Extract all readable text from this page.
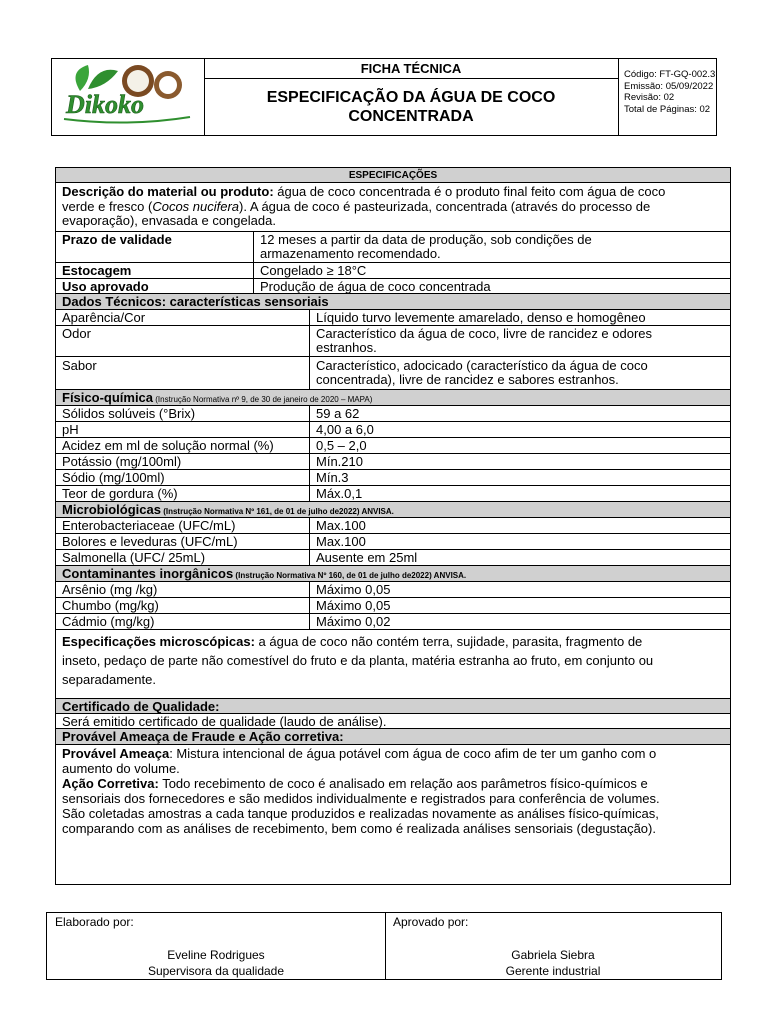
Dikoko
FICHA TÉCNICA
ESPECIFICAÇÃO DA ÁGUA DE COCO CONCENTRADA
Código: FT-GQ-002.3
Emissão: 05/09/2022
Revisão: 02
Total de Páginas: 02
ESPECIFICAÇÕES
Descrição do material ou produto: água de coco concentrada é o produto final feito com água de coco
verde e fresco (Cocos nucifera). A água de coco é pasteurizada, concentrada (através do processo de
evaporação), envasada e congelada.
Prazo de validade	12 meses a partir da data de produção, sob condições de
armazenamento recomendado.
Estocagem	Congelado ≥ 18°C
Uso aprovado	Produção de água de coco concentrada
Dados Técnicos: características sensoriais
Aparência/Cor	Líquido turvo levemente amarelado, denso e homogêneo
Odor	Característico da água de coco, livre de rancidez e odores
estranhos.
Sabor	Característico, adocicado (característico da água de coco
concentrada), livre de rancidez e sabores estranhos.
Físico-química (Instrução Normativa nº 9, de 30 de janeiro de 2020 – MAPA)
Sólidos solúveis (°Brix)	59 a 62
pH	4,00 a 6,0
Acidez em ml de solução normal (%)	0,5 – 2,0
Potássio (mg/100ml)	Mín.210
Sódio (mg/100ml)	Mín.3
Teor de gordura (%)	Máx.0,1
Microbiológicas (Instrução Normativa Nº 161, de 01 de julho de2022) ANVISA.
Enterobacteriaceae (UFC/mL)	Max.100
Bolores e leveduras (UFC/mL)	Max.100
Salmonella (UFC/ 25mL)	Ausente em 25ml
Contaminantes inorgânicos (Instrução Normativa Nº 160, de 01 de julho de2022) ANVISA.
Arsênio (mg /kg)	Máximo 0,05
Chumbo (mg/kg)	Máximo 0,05
Cádmio (mg/kg)	Máximo 0,02
Especificações microscópicas: a água de coco não contém terra, sujidade, parasita, fragmento de
inseto, pedaço de parte não comestível do fruto e da planta, matéria estranha ao fruto, em conjunto ou
separadamente.
Certificado de Qualidade:
Será emitido certificado de qualidade (laudo de análise).
Provável Ameaça de Fraude e Ação corretiva:
Provável Ameaça: Mistura intencional de água potável com água de coco afim de ter um ganho com o
aumento do volume.
Ação Corretiva: Todo recebimento de coco é analisado em relação aos parâmetros físico-químicos e
sensoriais dos fornecedores e são medidos individualmente e registrados para conferência de volumes.
São coletadas amostras a cada tanque produzidos e realizadas novamente as análises físico-químicas,
comparando com as análises de recebimento, bem como é realizada análises sensoriais (degustação).
Elaborado por:
Eveline Rodrigues
Supervisora da qualidade
Aprovado por:
Gabriela Siebra
Gerente industrial
